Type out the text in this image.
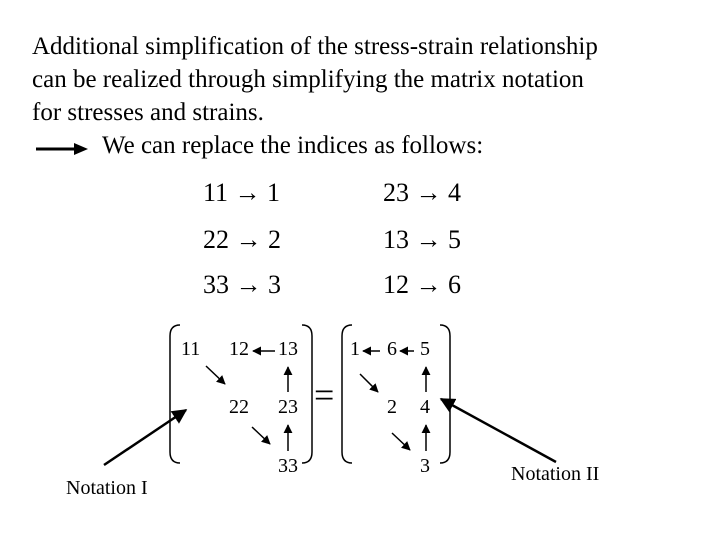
Additional simplification of the stress-strain relationship
can be realized through simplifying the matrix notation
for stresses and strains.
We can replace the indices as follows:
11 → 1
22 → 2
33 → 3
23 → 4
13 → 5
12 → 6
11 12 13
22 23
33
=
1 6 5
2 4
3
Notation I
Notation II
